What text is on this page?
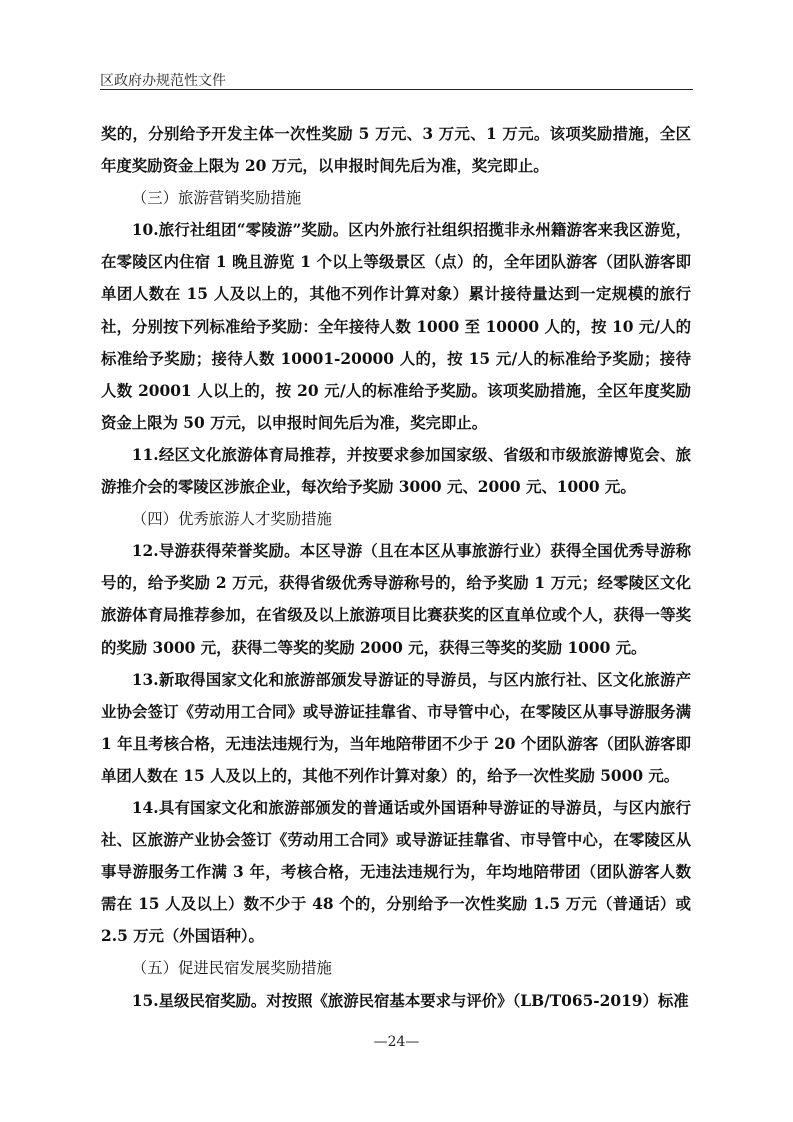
区政府办规范性文件

奖的，分别给予开发主体一次性奖励 5 万元、3 万元、1 万元。该项奖励措施，全区年度奖励资金上限为 20 万元，以申报时间先后为准，奖完即止。

（三）旅游营销奖励措施

10.旅行社组团“零陵游”奖励。区内外旅行社组织招揽非永州籍游客来我区游览，在零陵区内住宿 1 晚且游览 1 个以上等级景区（点）的，全年团队游客（团队游客即单团人数在 15 人及以上的，其他不列作计算对象）累计接待量达到一定规模的旅行社，分别按下列标准给予奖励：全年接待人数 1000 至 10000 人的，按 10 元/人的标准给予奖励；接待人数 10001-20000 人的，按 15 元/人的标准给予奖励；接待人数 20001 人以上的，按 20 元/人的标准给予奖励。该项奖励措施，全区年度奖励资金上限为 50 万元，以申报时间先后为准，奖完即止。

11.经区文化旅游体育局推荐，并按要求参加国家级、省级和市级旅游博览会、旅游推介会的零陵区涉旅企业，每次给予奖励 3000 元、2000 元、1000 元。

（四）优秀旅游人才奖励措施

12.导游获得荣誉奖励。本区导游（且在本区从事旅游行业）获得全国优秀导游称号的，给予奖励 2 万元，获得省级优秀导游称号的，给予奖励 1 万元；经零陵区文化旅游体育局推荐参加，在省级及以上旅游项目比赛获奖的区直单位或个人，获得一等奖的奖励 3000 元，获得二等奖的奖励 2000 元，获得三等奖的奖励 1000 元。

13.新取得国家文化和旅游部颁发导游证的导游员，与区内旅行社、区文化旅游产业协会签订《劳动用工合同》或导游证挂靠省、市导管中心，在零陵区从事导游服务满 1 年且考核合格，无违法违规行为，当年地陪带团不少于 20 个团队游客（团队游客即单团人数在 15 人及以上的，其他不列作计算对象）的，给予一次性奖励 5000 元。

14.具有国家文化和旅游部颁发的普通话或外国语种导游证的导游员，与区内旅行社、区旅游产业协会签订《劳动用工合同》或导游证挂靠省、市导管中心，在零陵区从事导游服务工作满 3 年，考核合格，无违法违规行为，年均地陪带团（团队游客人数需在 15 人及以上）数不少于 48 个的，分别给予一次性奖励 1.5 万元（普通话）或 2.5 万元（外国语种）。

（五）促进民宿发展奖励措施

15.星级民宿奖励。对按照《旅游民宿基本要求与评价》（LB/T065-2019）标准

—24—
